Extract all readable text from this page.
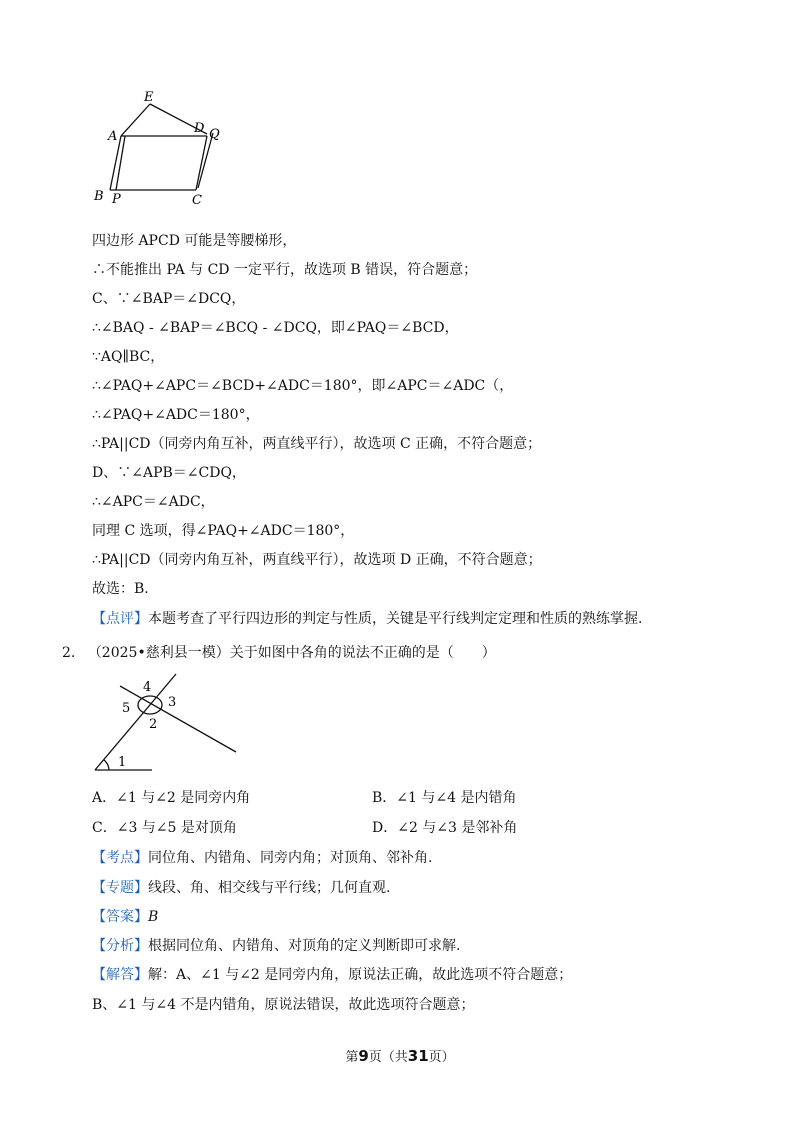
E
A
D Q
B P	C
四边形 APCD 可能是等腰梯形，
∴不能推出 PA 与 CD 一定平行，故选项 B 错误，符合题意；
C、∵∠BAP＝∠DCQ，
∴∠BAQ - ∠BAP＝∠BCQ - ∠DCQ，即∠PAQ＝∠BCD，
∵AQ∥BC，
∴∠PAQ+∠APC＝∠BCD+∠ADC＝180°，即∠APC＝∠ADC（，
∴∠PAQ+∠ADC＝180°，
∴PA||CD（同旁内角互补，两直线平行），故选项 C 正确，不符合题意；
D、∵∠APB＝∠CDQ，
∴∠APC＝∠ADC，
同理 C 选项，得∠PAQ+∠ADC＝180°，
∴PA||CD（同旁内角互补，两直线平行），故选项 D 正确，不符合题意；
故选：B.
【点评】本题考查了平行四边形的判定与性质，关键是平行线判定定理和性质的熟练掌握.
2. （2025•慈利县一模）关于如图中各角的说法不正确的是（　　）
4
3
5
2
1
A．∠1 与∠2 是同旁内角	B．∠1 与∠4 是内错角
C．∠3 与∠5 是对顶角	D．∠2 与∠3 是邻补角
【考点】同位角、内错角、同旁内角；对顶角、邻补角.
【专题】线段、角、相交线与平行线；几何直观.
【答案】B
【分析】根据同位角、内错角、对顶角的定义判断即可求解.
【解答】解：A、∠1 与∠2 是同旁内角，原说法正确，故此选项不符合题意；
B、∠1 与∠4 不是内错角，原说法错误，故此选项符合题意；
第9页（共31页）
